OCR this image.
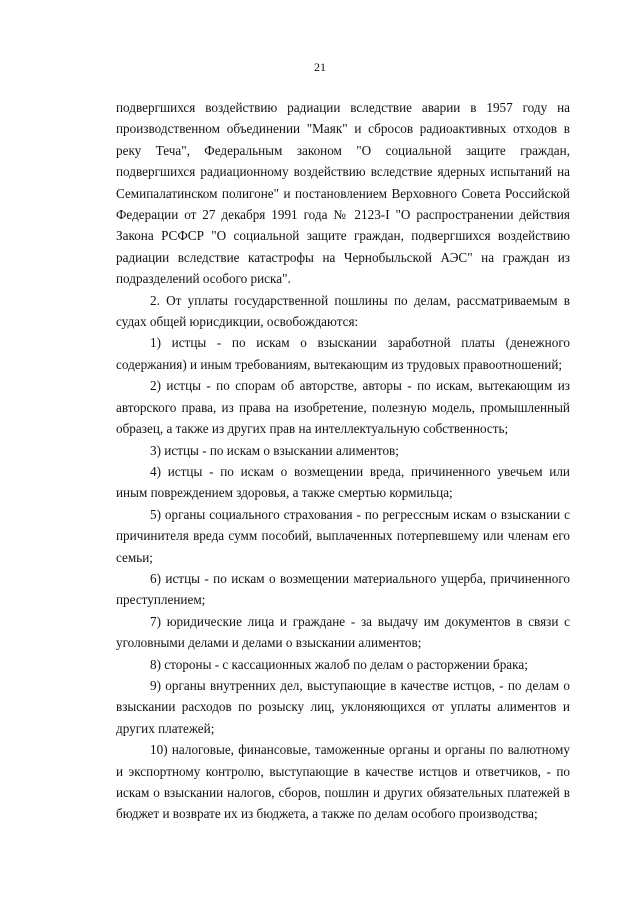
21

подвергшихся воздействию радиации вследствие аварии в 1957 году на производственном объединении "Маяк" и сбросов радиоактивных отходов в реку Теча", Федеральным законом "О социальной защите граждан, подвергшихся радиационному воздействию вследствие ядерных испытаний на Семипалатинском полигоне" и постановлением Верховного Совета Российской Федерации от 27 декабря 1991 года № 2123-I "О распространении действия Закона РСФСР "О социальной защите граждан, подвергшихся воздействию радиации вследствие катастрофы на Чернобыльской АЭС" на граждан из подразделений особого риска".

2. От уплаты государственной пошлины по делам, рассматриваемым в судах общей юрисдикции, освобождаются:

1) истцы - по искам о взыскании заработной платы (денежного содержания) и иным требованиям, вытекающим из трудовых правоотношений;

2) истцы - по спорам об авторстве, авторы - по искам, вытекающим из авторского права, из права на изобретение, полезную модель, промышленный образец, а также из других прав на интеллектуальную собственность;

3) истцы - по искам о взыскании алиментов;

4) истцы - по искам о возмещении вреда, причиненного увечьем или иным повреждением здоровья, а также смертью кормильца;

5) органы социального страхования - по регрессным искам о взыскании с причинителя вреда сумм пособий, выплаченных потерпевшему или членам его семьи;

6) истцы - по искам о возмещении материального ущерба, причиненного преступлением;

7) юридические лица и граждане - за выдачу им документов в связи с уголовными делами и делами о взыскании алиментов;

8) стороны - с кассационных жалоб по делам о расторжении брака;

9) органы внутренних дел, выступающие в качестве истцов, - по делам о взыскании расходов по розыску лиц, уклоняющихся от уплаты алиментов и других платежей;

10) налоговые, финансовые, таможенные органы и органы по валютному и экспортному контролю, выступающие в качестве истцов и ответчиков, - по искам о взыскании налогов, сборов, пошлин и других обязательных платежей в бюджет и возврате их из бюджета, а также по делам особого производства;
